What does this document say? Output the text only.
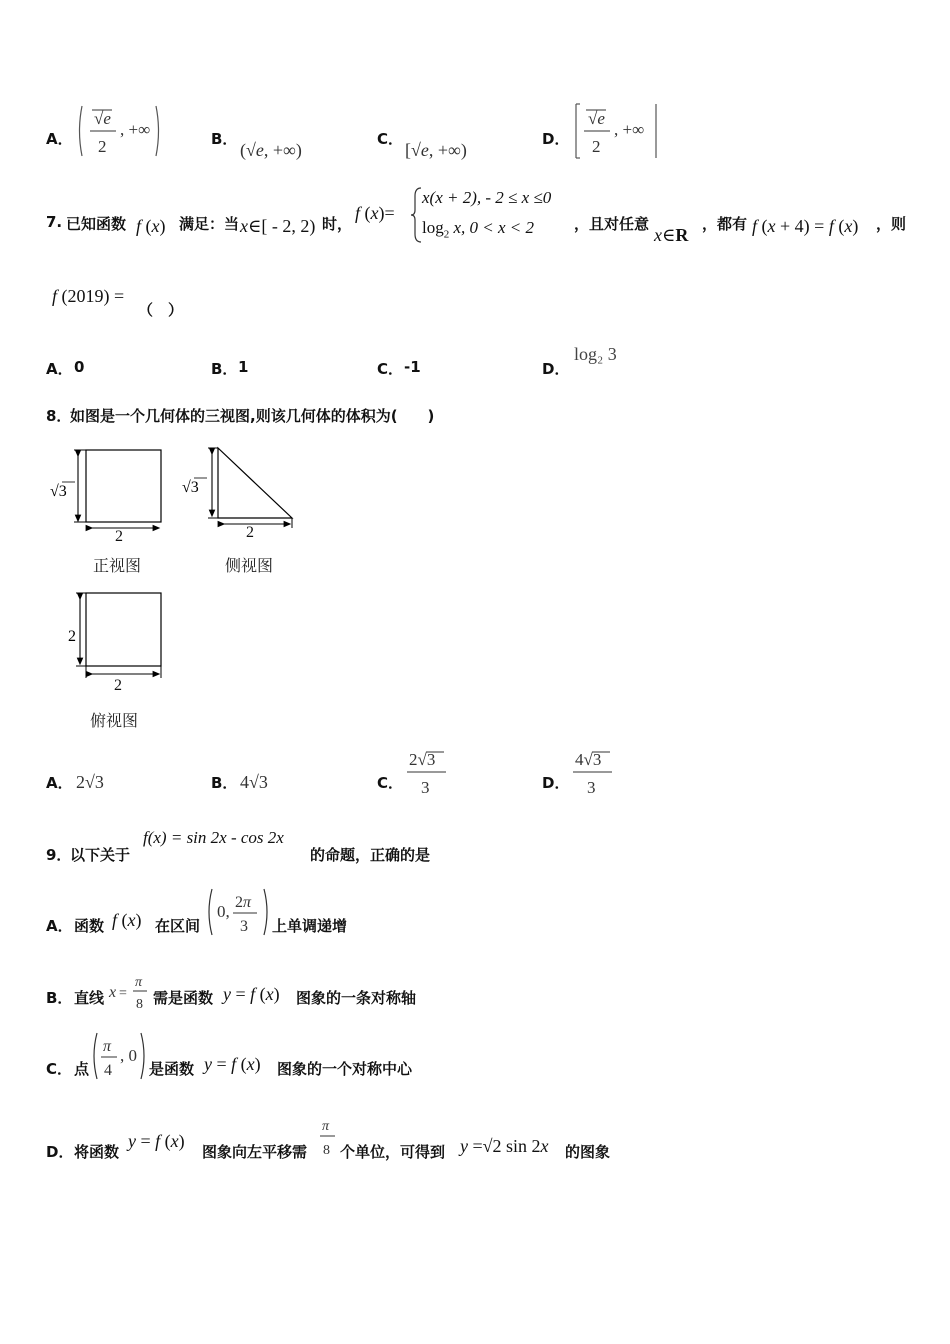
A．
√e
2
, +∞	B．
(√e, +∞)
C．
[√e, +∞)
D．
√e
2
, +∞
7. 已知函数 f (x) 满足：当 x∈[ - 2, 2) 时，
f (x)=
x(x + 2), - 2 ≤ x ≤0
$\log_2 x$, 0 < x < 2	，且对任意
x∈R
，都有 f (x + 4) = f (x) ，则
f (2019) =
（　）
A． 0	B． 1	C． -1	D．
log₂ 3
8．
如图是一个几何体的三视图,则该几何体的体积为(　　)
√3
2
正视图
√3
2
侧视图
2
2
俯视图
A． 2√3	B． 4√3	C．
2√3
3	D．
4√3
3
9．
以下关于
f(x) = sin 2x - cos 2x
的命题，正确的是
A． 函数 f (x) 在区间
0, 2π
3 上单调递增
B． 直线 x =
π
8 需是函数 y = f (x) 图象的一条对称轴
C． 点
π
4
, 0
是函数 y = f (x) 图象的一个对称中心
D． 将函数
y = f (x)
图象向左平移需
π
8 个单位，可得到 y =√2 sin 2x 的图象
